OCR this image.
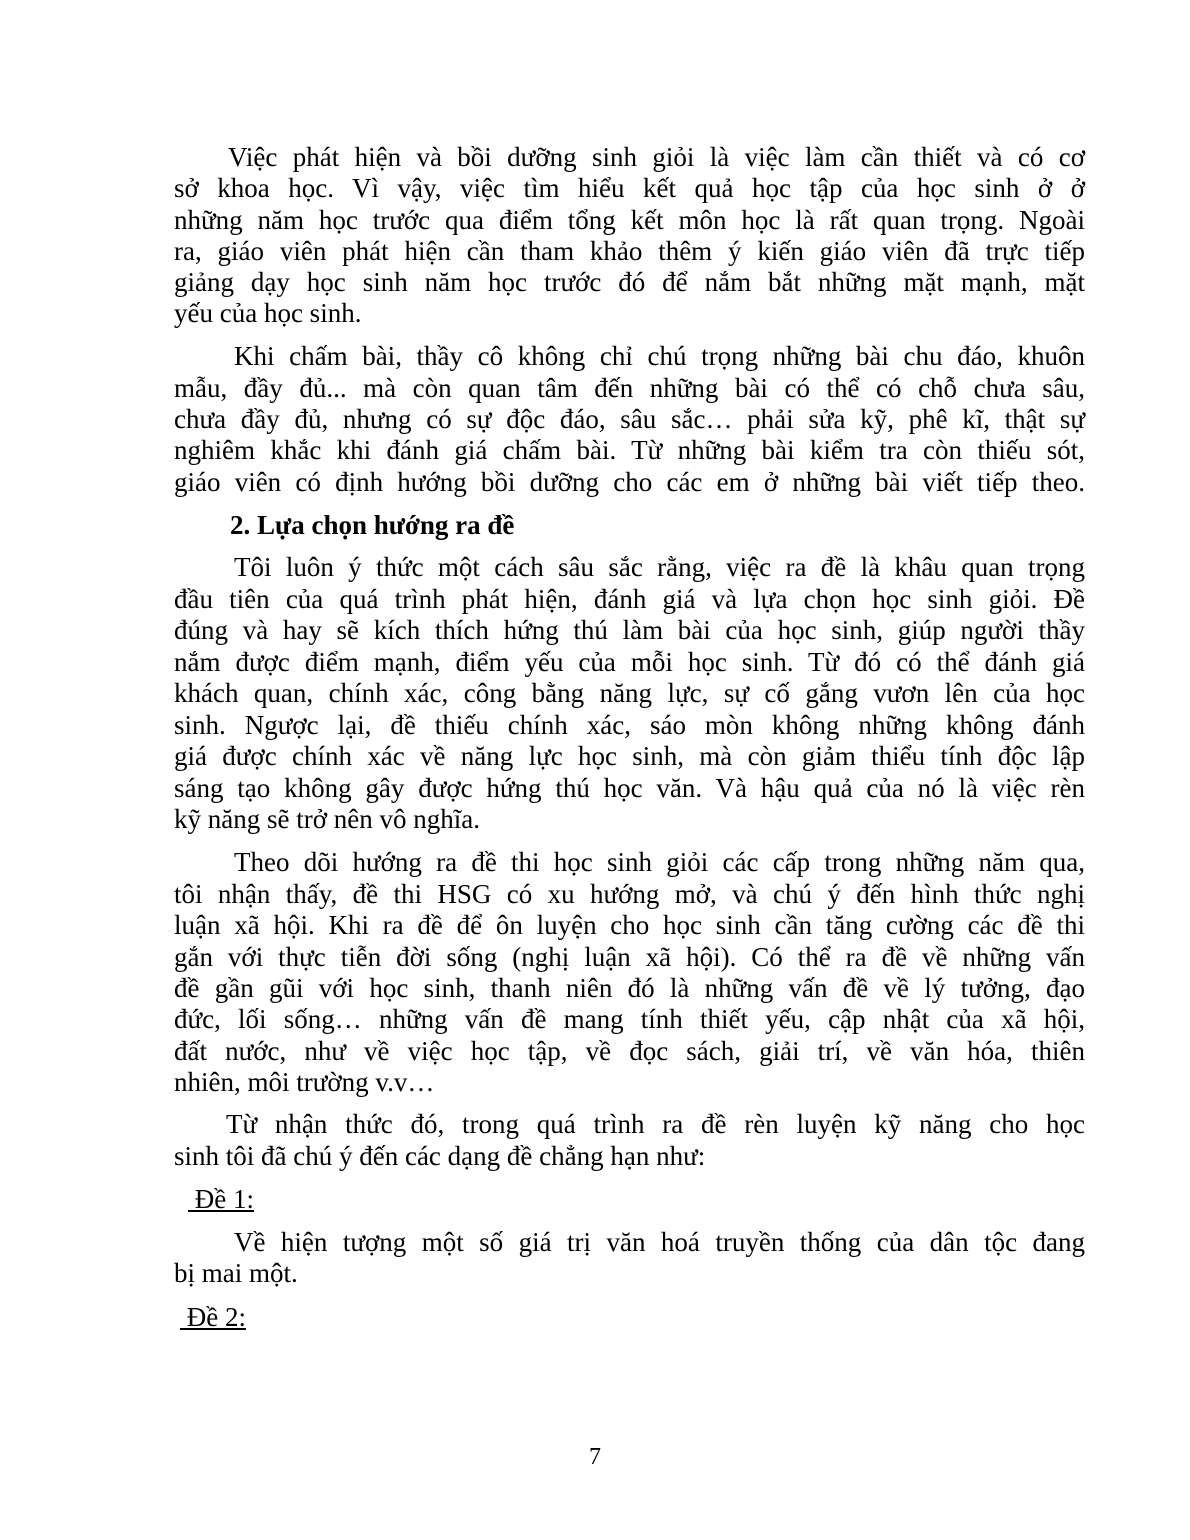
Việc phát hiện và bồi dưỡng sinh giỏi là việc làm cần thiết và có cơ
sở khoa học. Vì vậy, việc tìm hiểu kết quả học tập của học sinh ở ở
những năm học trước qua điểm tổng kết môn học là rất quan trọng. Ngoài
ra, giáo viên phát hiện cần tham khảo thêm ý kiến giáo viên đã trực tiếp
giảng dạy học sinh năm học trước đó để nắm bắt những mặt mạnh, mặt
yếu của học sinh.
Khi chấm bài, thầy cô không chỉ chú trọng những bài chu đáo, khuôn
mẫu, đầy đủ... mà còn quan tâm đến những bài có thể có chỗ chưa sâu,
chưa đầy đủ, nhưng có sự độc đáo, sâu sắc… phải sửa kỹ, phê kĩ, thật sự
nghiêm khắc khi đánh giá chấm bài. Từ những bài kiểm tra còn thiếu sót,
giáo viên có định hướng bồi dưỡng cho các em ở những bài viết tiếp theo.
2. Lựa chọn hướng ra đề
Tôi luôn ý thức một cách sâu sắc rằng, việc ra đề là khâu quan trọng
đầu tiên của quá trình phát hiện, đánh giá và lựa chọn học sinh giỏi. Đề
đúng và hay sẽ kích thích hứng thú làm bài của học sinh, giúp người thầy
nắm được điểm mạnh, điểm yếu của mỗi học sinh. Từ đó có thể đánh giá
khách quan, chính xác, công bằng năng lực, sự cố gắng vươn lên của học
sinh. Ngược lại, đề thiếu chính xác, sáo mòn không những không đánh
giá được chính xác về năng lực học sinh, mà còn giảm thiểu tính độc lập
sáng tạo không gây được hứng thú học văn. Và hậu quả của nó là việc rèn
kỹ năng sẽ trở nên vô nghĩa.
Theo dõi hướng ra đề thi học sinh giỏi các cấp trong những năm qua,
tôi nhận thấy, đề thi HSG có xu hướng mở, và chú ý đến hình thức nghị
luận xã hội. Khi ra đề để ôn luyện cho học sinh cần tăng cường các đề thi
gắn với thực tiễn đời sống (nghị luận xã hội). Có thể ra đề về những vấn
đề gần gũi với học sinh, thanh niên đó là những vấn đề về lý tưởng, đạo
đức, lối sống… những vấn đề mang tính thiết yếu, cập nhật của xã hội,
đất nước, như về việc học tập, về đọc sách, giải trí, về văn hóa, thiên
nhiên, môi trường v.v…
Từ nhận thức đó, trong quá trình ra đề rèn luyện kỹ năng cho học
sinh tôi đã chú ý đến các dạng đề chẳng hạn như:
Đề 1:
Về hiện tượng một số giá trị văn hoá truyền thống của dân tộc đang
bị mai một.
Đề 2:
7
